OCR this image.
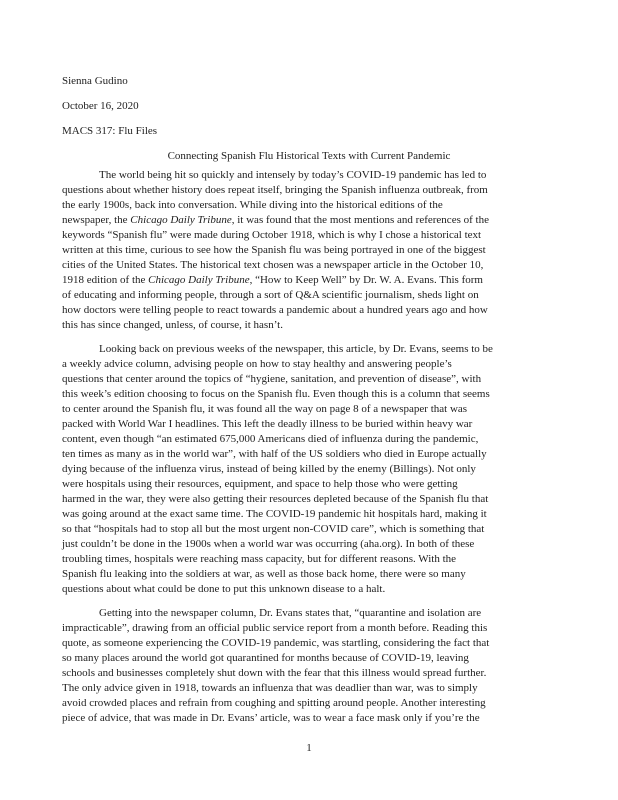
Sienna Gudino
October 16, 2020
MACS 317: Flu Files
Connecting Spanish Flu Historical Texts with Current Pandemic
The world being hit so quickly and intensely by today’s COVID-19 pandemic has led to
questions about whether history does repeat itself, bringing the Spanish influenza outbreak, from
the early 1900s, back into conversation. While diving into the historical editions of the
newspaper, the Chicago Daily Tribune, it was found that the most mentions and references of the
keywords “Spanish flu” were made during October 1918, which is why I chose a historical text
written at this time, curious to see how the Spanish flu was being portrayed in one of the biggest
cities of the United States. The historical text chosen was a newspaper article in the October 10,
1918 edition of the Chicago Daily Tribune, “How to Keep Well” by Dr. W. A. Evans. This form
of educating and informing people, through a sort of Q&A scientific journalism, sheds light on
how doctors were telling people to react towards a pandemic about a hundred years ago and how
this has since changed, unless, of course, it hasn’t.
Looking back on previous weeks of the newspaper, this article, by Dr. Evans, seems to be
a weekly advice column, advising people on how to stay healthy and answering people’s
questions that center around the topics of “hygiene, sanitation, and prevention of disease”, with
this week’s edition choosing to focus on the Spanish flu. Even though this is a column that seems
to center around the Spanish flu, it was found all the way on page 8 of a newspaper that was
packed with World War I headlines. This left the deadly illness to be buried within heavy war
content, even though “an estimated 675,000 Americans died of influenza during the pandemic,
ten times as many as in the world war”, with half of the US soldiers who died in Europe actually
dying because of the influenza virus, instead of being killed by the enemy (Billings). Not only
were hospitals using their resources, equipment, and space to help those who were getting
harmed in the war, they were also getting their resources depleted because of the Spanish flu that
was going around at the exact same time. The COVID-19 pandemic hit hospitals hard, making it
so that “hospitals had to stop all but the most urgent non-COVID care”, which is something that
just couldn’t be done in the 1900s when a world war was occurring (aha.org). In both of these
troubling times, hospitals were reaching mass capacity, but for different reasons. With the
Spanish flu leaking into the soldiers at war, as well as those back home, there were so many
questions about what could be done to put this unknown disease to a halt.
Getting into the newspaper column, Dr. Evans states that, “quarantine and isolation are
impracticable”, drawing from an official public service report from a month before. Reading this
quote, as someone experiencing the COVID-19 pandemic, was startling, considering the fact that
so many places around the world got quarantined for months because of COVID-19, leaving
schools and businesses completely shut down with the fear that this illness would spread further.
The only advice given in 1918, towards an influenza that was deadlier than war, was to simply
avoid crowded places and refrain from coughing and spitting around people. Another interesting
piece of advice, that was made in Dr. Evans’ article, was to wear a face mask only if you’re the
1
